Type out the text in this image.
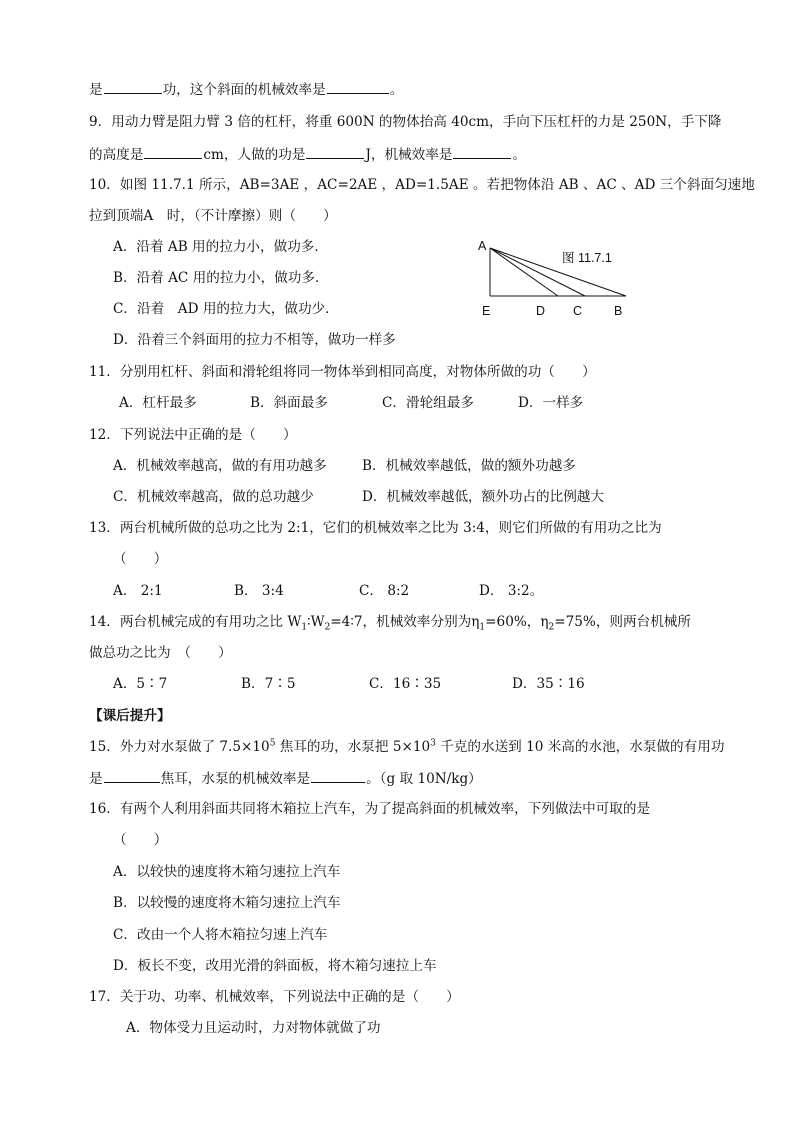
是	功，这个斜面的机械效率是	。
9．用动力臂是阻力臂 3 倍的杠杆，将重 600N 的物体抬高 40cm，手向下压杠杆的力是 250N，手下降
的高度是	cm，人做的功是	J，机械效率是	。
10．如图 11.7.1 所示，AB=3AE ，AC=2AE ，AD=1.5AE 。若把物体沿 AB 、AC 、AD 三个斜面匀速地
拉到顶端A　时，（不计摩擦）则（　　）
A．沿着 AB 用的拉力小，做功多．
B．沿着 AC 用的拉力小，做功多．
C．沿着　AD 用的拉力大，做功少．
D．沿着三个斜面用的拉力不相等，做功一样多
A
E	D C	B
图 11.7.1
11．分别用杠杆、斜面和滑轮组将同一物体举到相同高度，对物体所做的功（　　）
A．杠杆最多	B．斜面最多	C．滑轮组最多	D．一样多
12．下列说法中正确的是（　　）
A．机械效率越高，做的有用功越多	B．机械效率越低，做的额外功越多
C．机械效率越高，做的总功越少	D．机械效率越低，额外功占的比例越大
13．两台机械所做的总功之比为 2:1，它们的机械效率之比为 3:4，则它们所做的有用功之比为
（　　）
A． 2:1	B． 3:4	C． 8:2	D． 3:2。
14．两台机械完成的有用功之比 $W_1∶W_2=4∶7$，机械效率分别为$\eta_1=60\%$，$\eta_2=75\%$，则两台机械所
做总功之比为　（　　）
A．5∶7	B．7∶5	C．16∶35	D．35∶16
【课后提升】
15．外力对水泵做了 $7.5\times 10^5$ 焦耳的功，水泵把 $5\times 10^3$ 千克的水送到 10 米高的水池，水泵做的有用功
是	焦耳，水泵的机械效率是	。（g 取 10N/kg）
16．有两个人利用斜面共同将木箱拉上汽车，为了提高斜面的机械效率，下列做法中可取的是
（　　）
A．以较快的速度将木箱匀速拉上汽车
B．以较慢的速度将木箱匀速拉上汽车
C．改由一个人将木箱拉匀速上汽车
D．板长不变，改用光滑的斜面板，将木箱匀速拉上车
17．关于功、功率、机械效率，下列说法中正确的是（　　）
A．物体受力且运动时，力对物体就做了功
